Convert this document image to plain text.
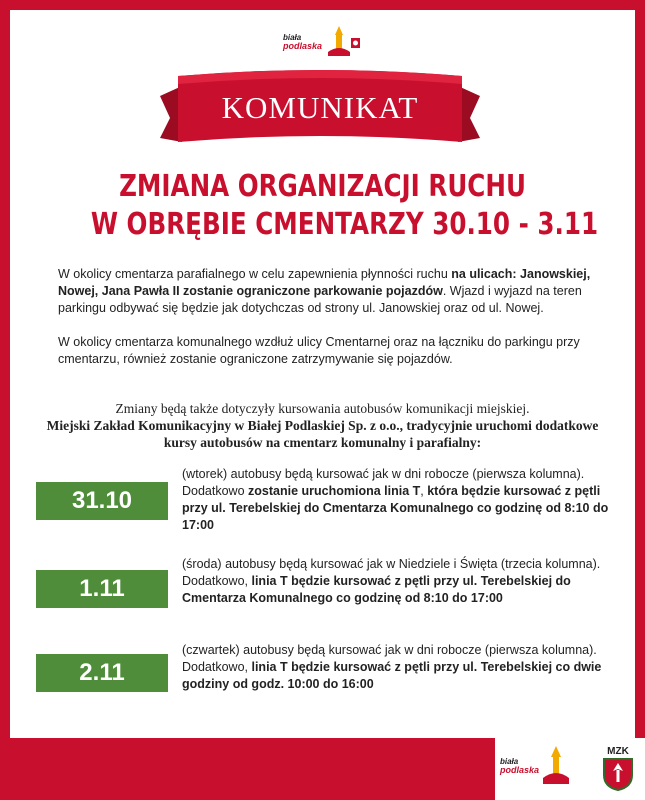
biała
podlaska
KOMUNIKAT
ZMIANA ORGANIZACJI RUCHU
W OBRĘBIE CMENTARZY 30.10 - 3.11

W okolicy cmentarza parafialnego w celu zapewnienia płynności ruchu na ulicach: Janowskiej, Nowej, Jana Pawła II zostanie ograniczone parkowanie pojazdów. Wjazd i wyjazd na teren parkingu odbywać się będzie jak dotychczas od strony ul. Janowskiej oraz od ul. Nowej.

W okolicy cmentarza komunalnego wzdłuż ulicy Cmentarnej oraz na łączniku do parkingu przy cmentarzu, również zostanie ograniczone zatrzymywanie się pojazdów.

Zmiany będą także dotyczyły kursowania autobusów komunikacji miejskiej.
Miejski Zakład Komunikacyjny w Białej Podlaskiej Sp. z o.o., tradycyjnie uruchomi dodatkowe kursy autobusów na cmentarz komunalny i parafialny:
31.10

(wtorek) autobusy będą kursować jak w dni robocze (pierwsza kolumna). Dodatkowo zostanie uruchomiona linia T, która będzie kursować z pętli przy ul. Terebelskiej do Cmentarza Komunalnego co godzinę od 8:10 do 17:00

1.11

(środa) autobusy będą kursować jak w Niedziele i Święta (trzecia kolumna). Dodatkowo, linia T będzie kursować z pętli przy ul. Terebelskiej do Cmentarza Komunalnego co godzinę od 8:10 do 17:00

2.11

(czwartek) autobusy będą kursować jak w dni robocze (pierwsza kolumna). Dodatkowo, linia T będzie kursować z pętli przy ul. Terebelskiej co dwie godziny od godz. 10:00 do 16:00

biała
podlaska
MZK
